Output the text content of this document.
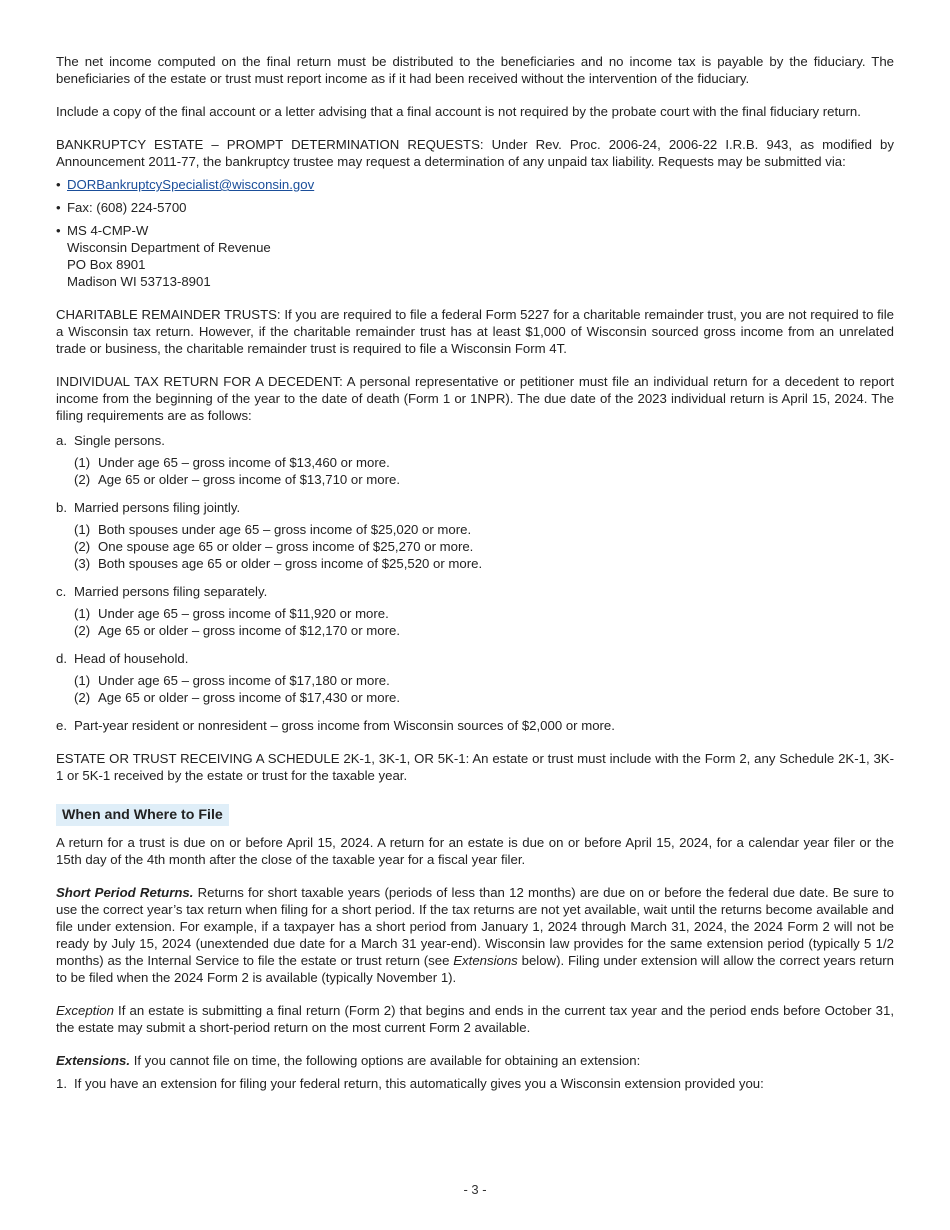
The net income computed on the final return must be distributed to the beneficiaries and no income tax is payable by the fiduciary. The beneficiaries of the estate or trust must report income as if it had been received without the intervention of the fiduciary.

Include a copy of the final account or a letter advising that a final account is not required by the probate court with the final fiduciary return.

BANKRUPTCY ESTATE – PROMPT DETERMINATION REQUESTS: Under Rev. Proc. 2006-24, 2006-22 I.R.B. 943, as modified by Announcement 2011-77, the bankruptcy trustee may request a determination of any unpaid tax liability. Requests may be submitted via:

• DORBankruptcySpecialist@wisconsin.gov
• Fax: (608) 224-5700
• MS 4-CMP-W
Wisconsin Department of Revenue
PO Box 8901
Madison WI 53713-8901

CHARITABLE REMAINDER TRUSTS: If you are required to file a federal Form 5227 for a charitable remainder trust, you are not required to file a Wisconsin tax return. However, if the charitable remainder trust has at least $1,000 of Wisconsin sourced gross income from an unrelated trade or business, the charitable remainder trust is required to file a Wisconsin Form 4T.

INDIVIDUAL TAX RETURN FOR A DECEDENT: A personal representative or petitioner must file an individual return for a decedent to report income from the beginning of the year to the date of death (Form 1 or 1NPR). The due date of the 2023 individual return is April 15, 2024. The filing requirements are as follows:

a. Single persons.
(1) Under age 65 – gross income of $13,460 or more.
(2) Age 65 or older – gross income of $13,710 or more.
b. Married persons filing jointly.
(1) Both spouses under age 65 – gross income of $25,020 or more.
(2) One spouse age 65 or older – gross income of $25,270 or more.
(3) Both spouses age 65 or older – gross income of $25,520 or more.
c. Married persons filing separately.
(1) Under age 65 – gross income of $11,920 or more.
(2) Age 65 or older – gross income of $12,170 or more.
d. Head of household.
(1) Under age 65 – gross income of $17,180 or more.
(2) Age 65 or older – gross income of $17,430 or more.
e. Part-year resident or nonresident – gross income from Wisconsin sources of $2,000 or more.

ESTATE OR TRUST RECEIVING A SCHEDULE 2K-1, 3K-1, OR 5K-1: An estate or trust must include with the Form 2, any Schedule 2K-1, 3K-1 or 5K-1 received by the estate or trust for the taxable year.

When and Where to File

A return for a trust is due on or before April 15, 2024. A return for an estate is due on or before April 15, 2024, for a calendar year filer or the 15th day of the 4th month after the close of the taxable year for a fiscal year filer.

Short Period Returns. Returns for short taxable years (periods of less than 12 months) are due on or before the federal due date. Be sure to use the correct year’s tax return when filing for a short period. If the tax returns are not yet available, wait until the returns become available and file under extension. For example, if a taxpayer has a short period from January 1, 2024 through March 31, 2024, the 2024 Form 2 will not be ready by July 15, 2024 (unextended due date for a March 31 year-end). Wisconsin law provides for the same extension period (typically 5 1/2 months) as the Internal Service to file the estate or trust return (see Extensions below). Filing under extension will allow the correct years return to be filed when the 2024 Form 2 is available (typically November 1).

Exception If an estate is submitting a final return (Form 2) that begins and ends in the current tax year and the period ends before October 31, the estate may submit a short-period return on the most current Form 2 available.

Extensions. If you cannot file on time, the following options are available for obtaining an extension:

1. If you have an extension for filing your federal return, this automatically gives you a Wisconsin extension provided you:
- 3 -
